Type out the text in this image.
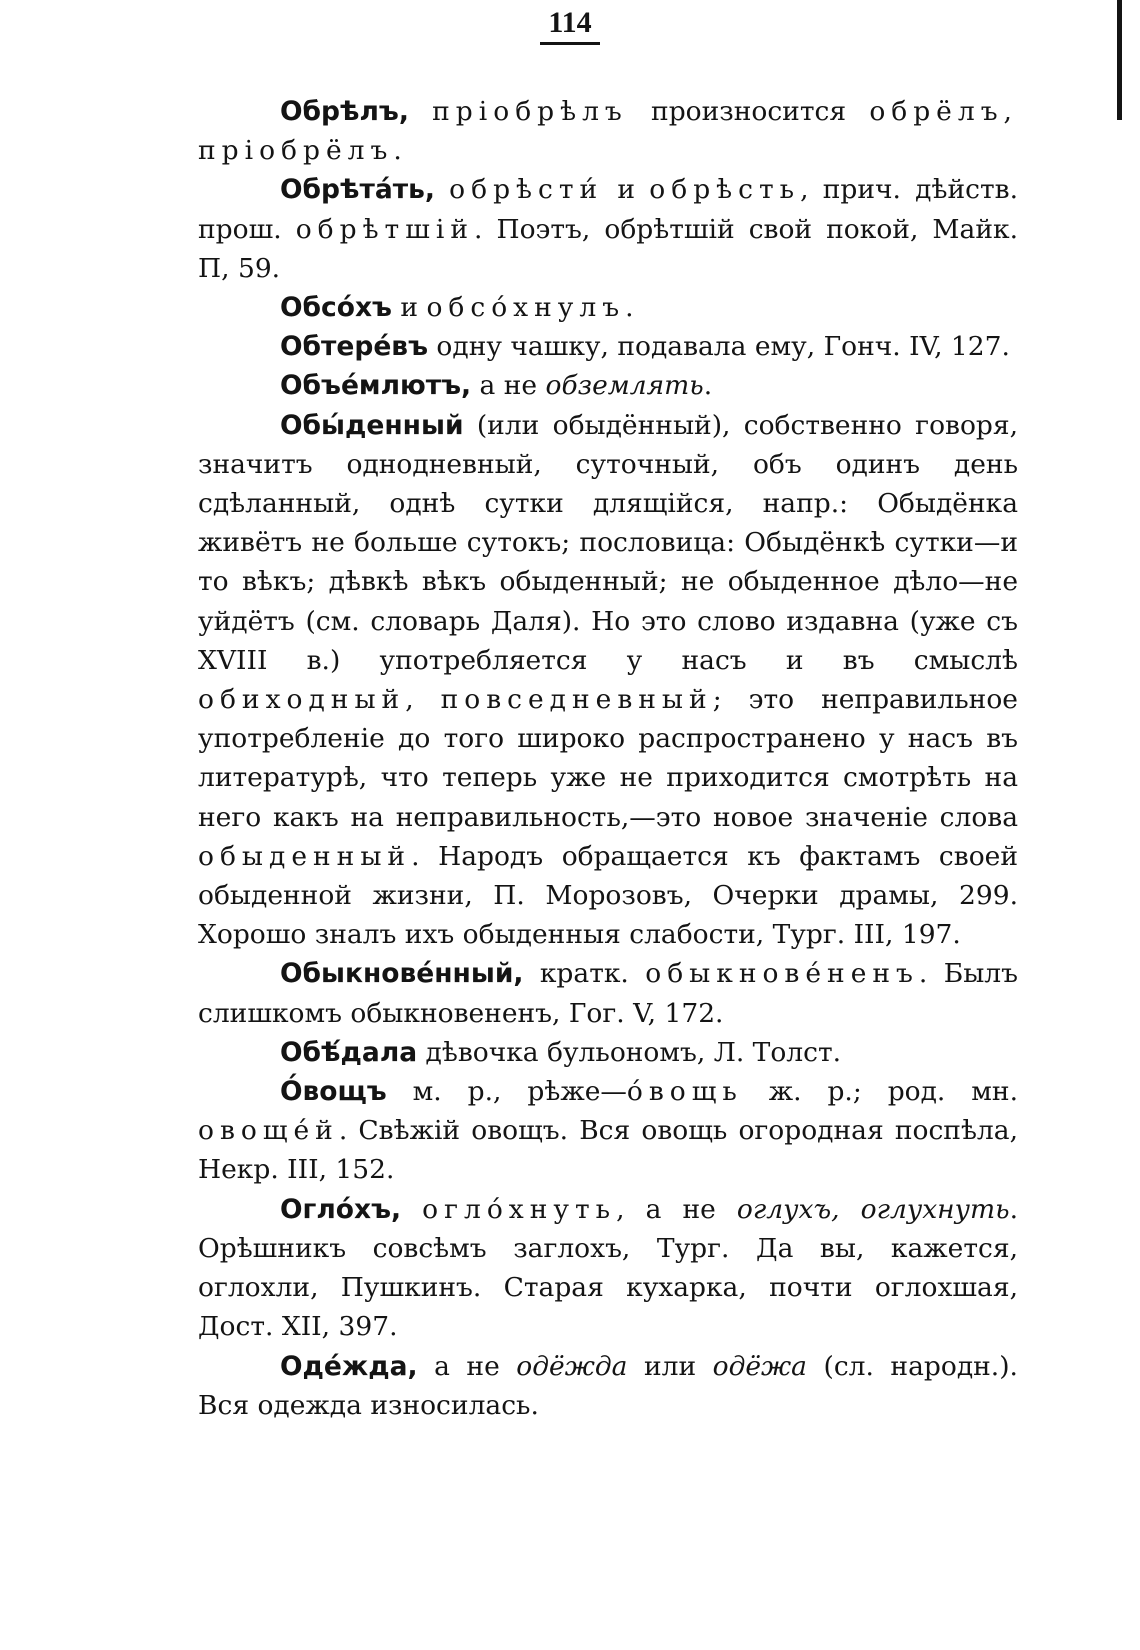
114

Обрѣлъ, пріобрѣлъ произносится обрёлъ, пріобрёлъ.

Обрѣта́ть, обрѣсти́ и обрѣсть, прич. дѣйств. прош. обрѣтшій. Поэтъ, обрѣтшій свой покой, Майк. П, 59.

Обсо́хъ и обсо́хнулъ.

Обтере́въ одну чашку, подавала ему, Гонч. IV, 127.

Объе́млютъ, а не обземлять.

Обы́денный (или обыдённый), собственно говоря, значитъ однодневный, суточный, объ одинъ день сдѣланный, однѣ сутки длящійся, напр.: Обыдёнка живётъ не больше сутокъ; пословица: Обыдёнкѣ сутки—и то вѣкъ; дѣвкѣ вѣкъ обыденный; не обыденное дѣло—не уйдётъ (см. словарь Даля). Но это слово издавна (уже съ XVIII в.) употребляется у насъ и въ смыслѣ обиходный, повседневный; это неправильное употребленіе до того широко распространено у насъ въ литературѣ, что теперь уже не приходится смотрѣть на него какъ на неправильность,—это новое значеніе слова обыденный. Народъ обращается къ фактамъ своей обыденной жизни, П. Морозовъ, Очерки драмы, 299. Хорошо зналъ ихъ обыденныя слабости, Тург. III, 197.

Обыкнове́нный, кратк. обыкнове́ненъ. Былъ слишкомъ обыкновененъ, Гог. V, 172.

Обѣ́дала дѣвочка бульономъ, Л. Толст.

О́вощъ м. р., рѣже—о́вощь ж. р.; род. мн. овоще́й. Свѣжій овощъ. Вся овощь огородная поспѣла, Некр. III, 152.

Огло́хъ, огло́хнуть, а не оглухъ, оглухнуть. Орѣшникъ совсѣмъ заглохъ, Тург. Да вы, кажется, оглохли, Пушкинъ. Старая кухарка, почти оглохшая, Дост. XII, 397.

Оде́жда, а не одёжда или одёжа (сл. народн.). Вся одежда износилась.
